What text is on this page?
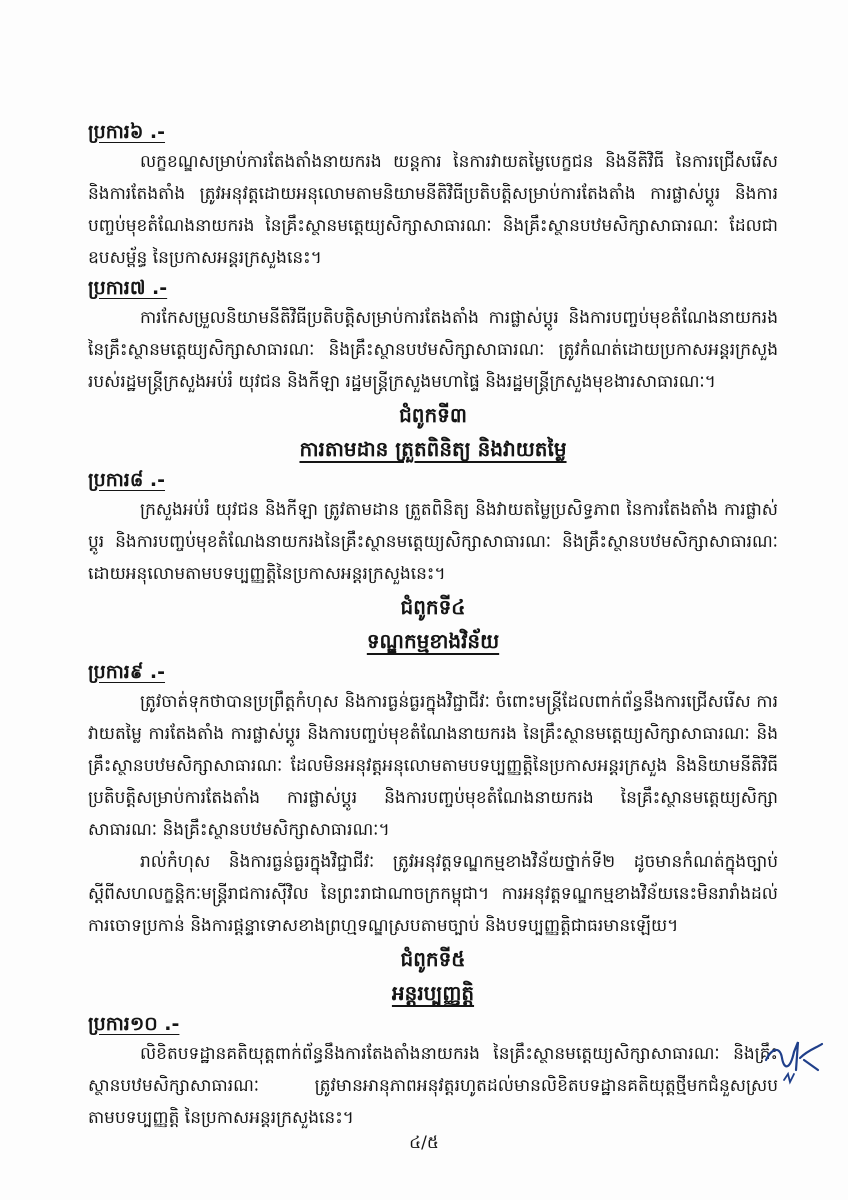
ប្រការ៦ .-

លក្ខខណ្ឌសម្រាប់ការតែងតាំងនាយករង យន្តការ នៃការវាយតម្លៃបេក្ខជន និងនីតិវិធី នៃការជ្រើសរើស និងការតែងតាំង ត្រូវអនុវត្តដោយអនុលោមតាមនិយាមនីតិវិធីប្រតិបត្តិសម្រាប់ការតែងតាំង ការផ្លាស់ប្តូរ និងការបញ្ចប់មុខតំណែងនាយករង នៃគ្រឹះស្ថានមត្តេយ្យសិក្សាសាធារណៈ និងគ្រឹះស្ថានបឋមសិក្សាសាធារណៈ ដែលជាឧបសម្ព័ន្ធ នៃប្រកាសអន្តរក្រសួងនេះ។

ប្រការ៧ .-

ការកែសម្រួលនិយាមនីតិវិធីប្រតិបត្តិសម្រាប់ការតែងតាំង ការផ្លាស់ប្តូរ និងការបញ្ចប់មុខតំណែងនាយករង នៃគ្រឹះស្ថានមត្តេយ្យសិក្សាសាធារណៈ និងគ្រឹះស្ថានបឋមសិក្សាសាធារណៈ ត្រូវកំណត់ដោយប្រកាសអន្តរក្រសួងរបស់រដ្ឋមន្ត្រីក្រសួងអប់រំ យុវជន និងកីឡា រដ្ឋមន្ត្រីក្រសួងមហាផ្ទៃ និងរដ្ឋមន្ត្រីក្រសួងមុខងារសាធារណៈ។

ជំពូកទី៣

ការតាមដាន ត្រួតពិនិត្យ និងវាយតម្លៃ

ប្រការ៨ .-

ក្រសួងអប់រំ យុវជន និងកីឡា ត្រូវតាមដាន ត្រួតពិនិត្យ និងវាយតម្លៃប្រសិទ្ធភាព នៃការតែងតាំង ការផ្លាស់ប្តូរ និងការបញ្ចប់មុខតំណែងនាយករងនៃគ្រឹះស្ថានមត្តេយ្យសិក្សាសាធារណៈ និងគ្រឹះស្ថានបឋមសិក្សាសាធារណៈ ដោយអនុលោមតាមបទប្បញ្ញត្តិនៃប្រកាសអន្តរក្រសួងនេះ។

ជំពូកទី៤

ទណ្ឌកម្មខាងវិន័យ

ប្រការ៩ .-

ត្រូវចាត់ទុកថាបានប្រព្រឹត្តកំហុស និងការធ្ងន់ធ្ងរក្នុងវិជ្ជាជីវៈ ចំពោះមន្ត្រីដែលពាក់ព័ន្ធនឹងការជ្រើសរើស ការវាយតម្លៃ ការតែងតាំង ការផ្លាស់ប្តូរ និងការបញ្ចប់មុខតំណែងនាយករង នៃគ្រឹះស្ថានមត្តេយ្យសិក្សាសាធារណៈ និងគ្រឹះស្ថានបឋមសិក្សាសាធារណៈ ដែលមិនអនុវត្តអនុលោមតាមបទប្បញ្ញត្តិនៃប្រកាសអន្តរក្រសួង និងនិយាមនីតិវិធីប្រតិបត្តិសម្រាប់ការតែងតាំង ការផ្លាស់ប្តូរ និងការបញ្ចប់មុខតំណែងនាយករង នៃគ្រឹះស្ថានមត្តេយ្យសិក្សាសាធារណៈ និងគ្រឹះស្ថានបឋមសិក្សាសាធារណៈ។

រាល់កំហុស និងការធ្ងន់ធ្ងរក្នុងវិជ្ជាជីវៈ ត្រូវអនុវត្តទណ្ឌកម្មខាងវិន័យថ្នាក់ទី២ ដូចមានកំណត់ក្នុងច្បាប់ស្តីពីសហលក្ខន្តិកៈមន្ត្រីរាជការស៊ីវិល នៃព្រះរាជាណាចក្រកម្ពុជា។ ការអនុវត្តទណ្ឌកម្មខាងវិន័យនេះមិនរារាំងដល់ការចោទប្រកាន់ និងការផ្តន្ទាទោសខាងព្រហ្មទណ្ឌស្របតាមច្បាប់ និងបទប្បញ្ញត្តិជាធរមានឡើយ។

ជំពូកទី៥

អន្តរប្បញ្ញត្តិ

ប្រការ១០ .-

លិខិតបទដ្ឋានគតិយុត្តពាក់ព័ន្ធនឹងការតែងតាំងនាយករង នៃគ្រឹះស្ថានមត្តេយ្យសិក្សាសាធារណៈ និងគ្រឹះស្ថានបឋមសិក្សាសាធារណៈ ត្រូវមានអានុភាពអនុវត្តរហូតដល់មានលិខិតបទដ្ឋានគតិយុត្តថ្មីមកជំនួសស្របតាមបទប្បញ្ញត្តិ នៃប្រកាសអន្តរក្រសួងនេះ។

៤/៥
